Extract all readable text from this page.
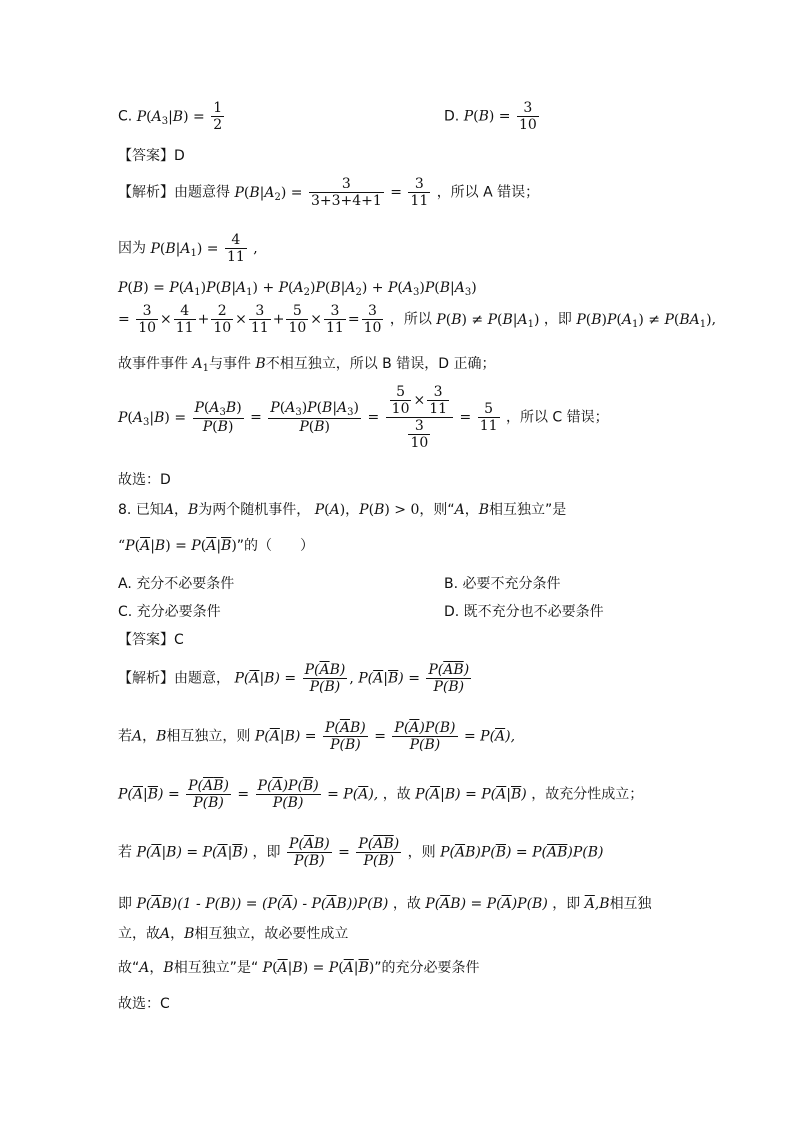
C. $P(A_3|B) = \frac{1}{2}$	D. $P(B) = \frac{3}{10}$
【答案】D
【解析】由题意得 $P(B|A_2) = \frac{3}{3+3+4+1} = \frac{3}{11}$ ，所以 A 错误；
因为 $P(B|A_1) = \frac{4}{11}$ ,
$P(B) = P(A_1)P(B|A_1) + P(A_2)P(B|A_2) + P(A_3)P(B|A_3)$
= $\frac{3}{10} \times \frac{4}{11} + \frac{2}{10} \times \frac{3}{11} + \frac{5}{10} \times \frac{3}{11} = \frac{3}{10}$ ，所以 $P(B) \ne P(B|A_1)$ ，即 $P(B)P(A_1) \ne P(BA_1)$,
故事件事件 $A_1$与事件 B不相互独立，所以 B 错误，D 正确；
$P(A_3|B) = \frac{P(A_3B)}{P(B)} = \frac{P(A_3)P(B|A_3)}{P(B)} = \frac{\frac{5}{10} \times \frac{3}{11}}{\frac{3}{10}} = \frac{5}{11}$ ，所以 C 错误；
故选：D
8. 已知A，B为两个随机事件， P(A)，P(B) > 0，则“A，B相互独立”是
“$P(\overline{A}|B) = P(\overline{A}|\overline{B})$”的（　　）
A. 充分不必要条件	B. 必要不充分条件
C. 充分必要条件	D. 既不充分也不必要条件
【答案】C
【解析】由题意， $P(\overline{A}|B) = \frac{P(\overline{A}B)}{P(B)}$ , $P(\overline{A}|\overline{B}) = \frac{P(\overline{A}\overline{B})}{P(\overline{B})}$
若A，B相互独立，则 $P(\overline{A}|B) = \frac{P(\overline{A}B)}{P(B)} = \frac{P(\overline{A})P(B)}{P(B)} = P(\overline{A})$,
$P(\overline{A}|\overline{B}) = \frac{P(\overline{A}\overline{B})}{P(\overline{B})} = \frac{P(\overline{A})P(\overline{B})}{P(\overline{B})} = P(\overline{A})$, ，故 $P(\overline{A}|B) = P(\overline{A}|\overline{B})$ ，故充分性成立；
若 $P(\overline{A}|B) = P(\overline{A}|\overline{B})$ ，即 $\frac{P(\overline{A}B)}{P(B)} = \frac{P(\overline{A}\overline{B})}{P(\overline{B})}$ ，则 $P(\overline{A}B)P(\overline{B}) = P(\overline{A}\overline{B})P(B)$
即 $P(\overline{A}B)(1 - P(B)) = (P(\overline{A}) - P(\overline{A}B))P(B)$ ，故 $P(\overline{A}B) = P(\overline{A})P(B)$ ，即 $\overline{A},B$相互独
立，故A，B相互独立，故必要性成立
故“A，B相互独立”是“ $P(\overline{A}|B) = P(\overline{A}|\overline{B})$”的充分必要条件
故选：C
